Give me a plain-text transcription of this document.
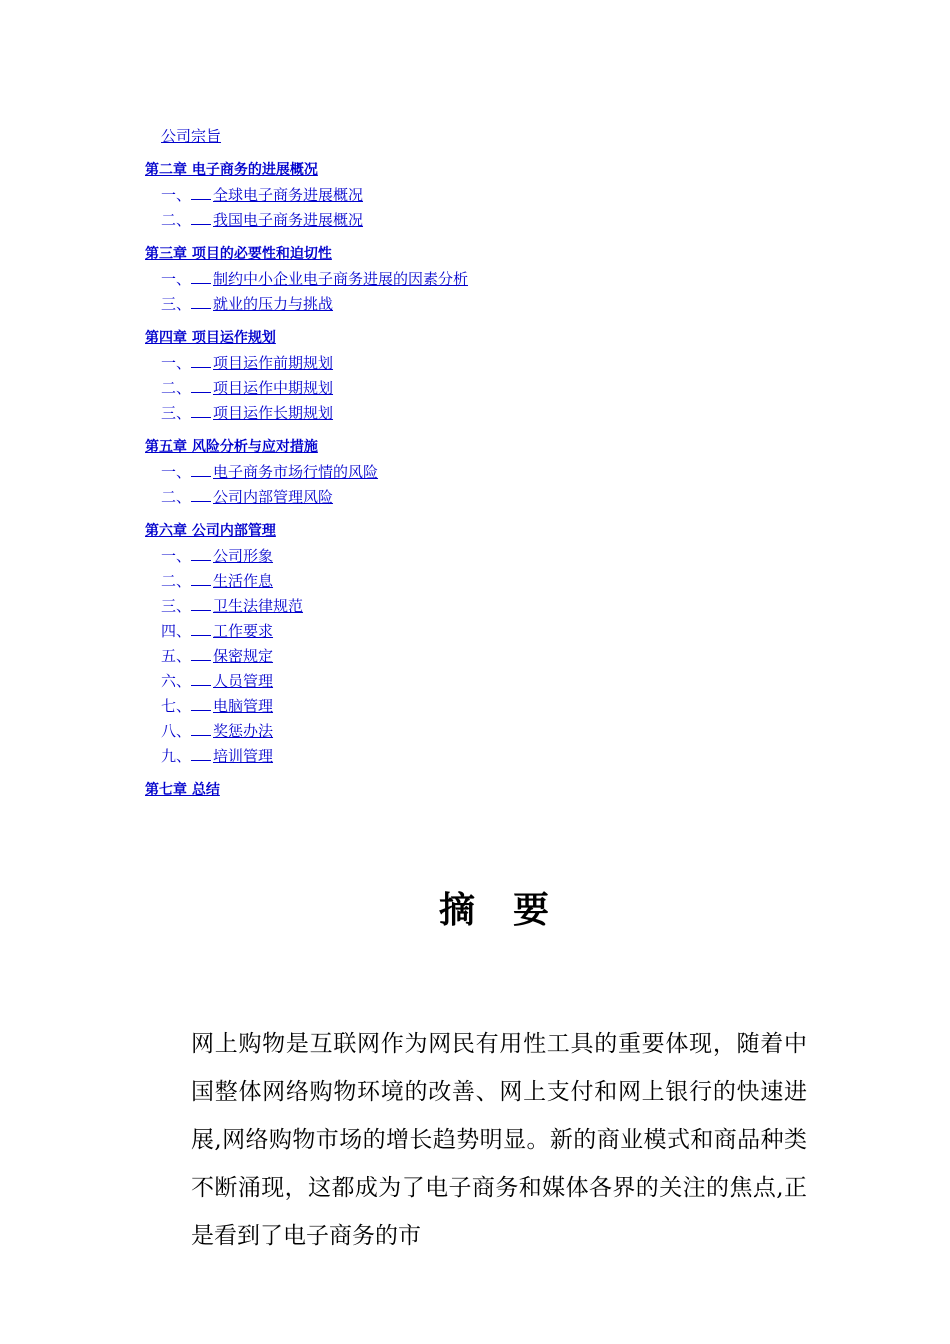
公司宗旨
第二章 电子商务的进展概况
一、 全球电子商务进展概况
二、 我国电子商务进展概况
第三章 项目的必要性和迫切性
一、 制约中小企业电子商务进展的因素分析
三、 就业的压力与挑战
第四章 项目运作规划
一、 项目运作前期规划
二、 项目运作中期规划
三、 项目运作长期规划
第五章 风险分析与应对措施
一、 电子商务市场行情的风险
二、 公司内部管理风险
第六章 公司内部管理
一、 公司形象
二、 生活作息
三、 卫生法律规范
四、 工作要求
五、 保密规定
六、 人员管理
七、 电脑管理
八、 奖惩办法
九、 培训管理
第七章 总结
摘要
网上购物是互联网作为网民有用性工具的重要体现，随着中国整体网络购物环境的改善、网上支付和网上银行的快速进展,网络购物市场的增长趋势明显。新的商业模式和商品种类不断涌现，这都成为了电子商务和媒体各界的关注的焦点,正是看到了电子商务的市
